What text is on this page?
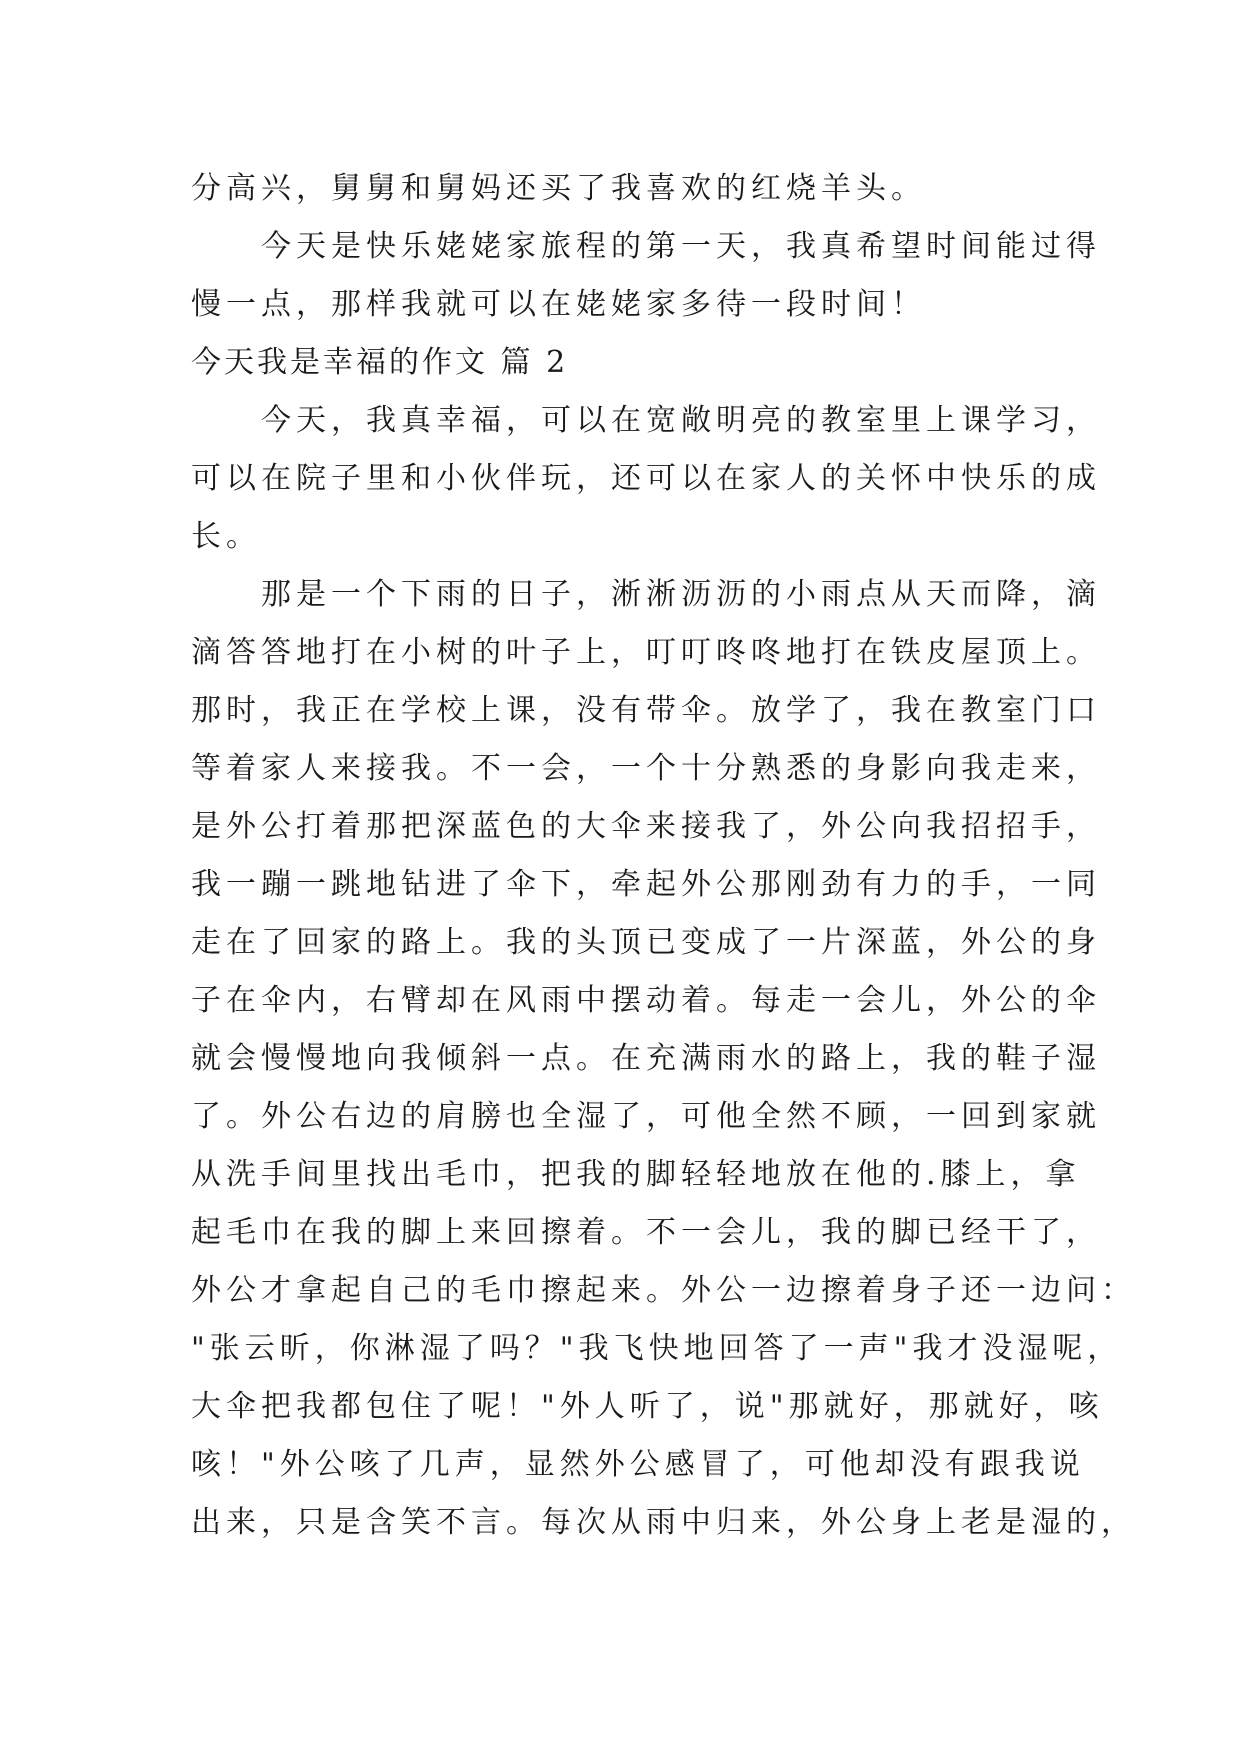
分高兴，舅舅和舅妈还买了我喜欢的红烧羊头。
今天是快乐姥姥家旅程的第一天，我真希望时间能过得
慢一点，那样我就可以在姥姥家多待一段时间！
今天我是幸福的作文 篇 2
今天，我真幸福，可以在宽敞明亮的教室里上课学习，
可以在院子里和小伙伴玩，还可以在家人的关怀中快乐的成
长。
那是一个下雨的日子，淅淅沥沥的小雨点从天而降，滴
滴答答地打在小树的叶子上，叮叮咚咚地打在铁皮屋顶上。
那时，我正在学校上课，没有带伞。放学了，我在教室门口
等着家人来接我。不一会，一个十分熟悉的身影向我走来，
是外公打着那把深蓝色的大伞来接我了，外公向我招招手，
我一蹦一跳地钻进了伞下，牵起外公那刚劲有力的手，一同
走在了回家的路上。我的头顶已变成了一片深蓝，外公的身
子在伞内，右臂却在风雨中摆动着。每走一会儿，外公的伞
就会慢慢地向我倾斜一点。在充满雨水的路上，我的鞋子湿
了。外公右边的肩膀也全湿了，可他全然不顾，一回到家就
从洗手间里找出毛巾，把我的脚轻轻地放在他的.膝上，拿
起毛巾在我的脚上来回擦着。不一会儿，我的脚已经干了，
外公才拿起自己的毛巾擦起来。外公一边擦着身子还一边问：
"张云昕，你淋湿了吗？"我飞快地回答了一声"我才没湿呢，
大伞把我都包住了呢！"外人听了，说"那就好，那就好，咳
咳！"外公咳了几声，显然外公感冒了，可他却没有跟我说
出来，只是含笑不言。每次从雨中归来，外公身上老是湿的，
